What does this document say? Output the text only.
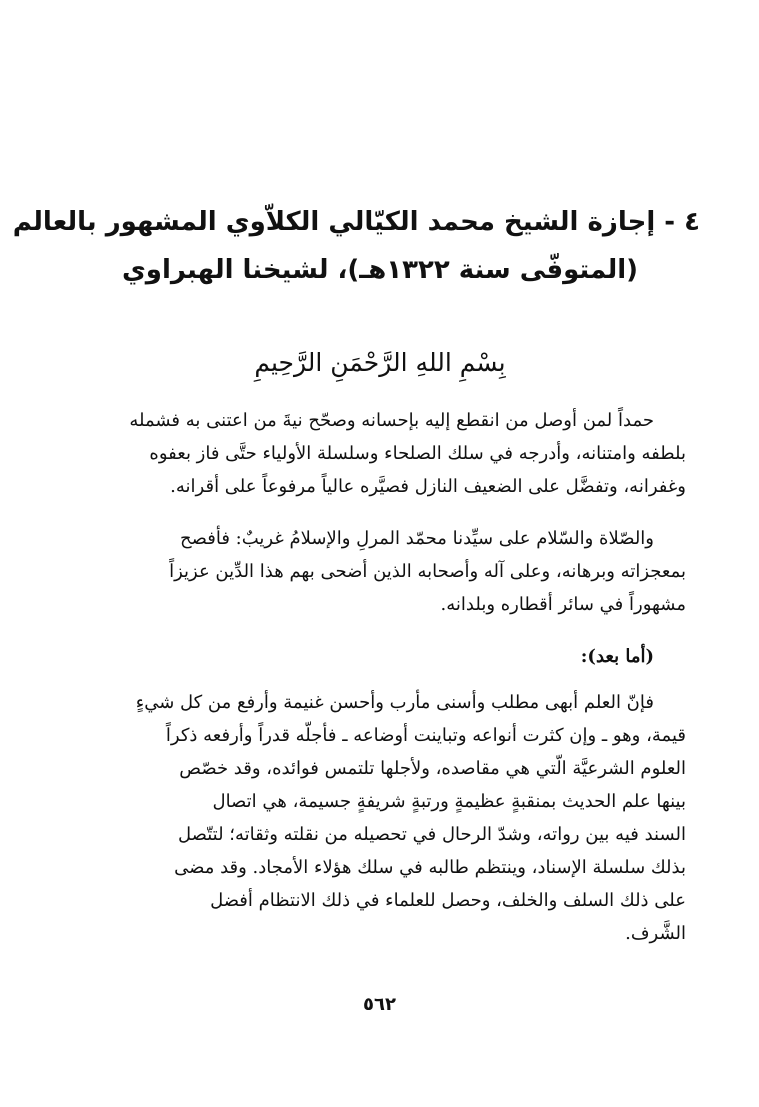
٤ - إجازة الشيخ محمد الكيّالي الكلاّوي المشهور بالعالم
(المتوفّى سنة ١٣٢٢هـ)، لشيخنا الهبراوي

بِسْمِ اللهِ الرَّحْمَنِ الرَّحِيمِ

حمداً لمن أوصل من انقطع إليه بإحسانه وصحّح نيةَ من اعتنى به فشمله
بلطفه وامتنانه، وأدرجه في سلك الصلحاء وسلسلة الأولياء حتَّى فاز بعفوه
وغفرانه، وتفضَّل على الضعيف النازل فصيَّره عالياً مرفوعاً على أقرانه.

والصّلاة والسّلام على سيِّدنا محمّد المرلِ والإسلامُ غريبٌ: فأفصح
بمعجزاته وبرهانه، وعلى آله وأصحابه الذين أضحى بهم هذا الدِّين عزيزاً
مشهوراً في سائر أقطاره وبلدانه.

(أما بعد):

فإنّ العلم أبهى مطلب وأسنى مأرب وأحسن غنيمة وأرفع من كل شيءٍ
قيمة، وهو ـ وإن كثرت أنواعه وتباينت أوضاعه ـ فأجلّه قدراً وأرفعه ذكراً
العلوم الشرعيَّة الّتي هي مقاصده، ولأجلها تلتمس فوائده، وقد خصّص
بينها علم الحديث بمنقبةٍ عظيمةٍ ورتبةٍ شريفةٍ جسيمة، هي اتصال
السند فيه بين رواته، وشدّ الرحال في تحصيله من نقلته وثقاته؛ لتتّصل
بذلك سلسلة الإسناد، وينتظم طالبه في سلك هؤلاء الأمجاد. وقد مضى
على ذلك السلف والخلف، وحصل للعلماء في ذلك الانتظام أفضل
الشَّرف.

٥٦٢
